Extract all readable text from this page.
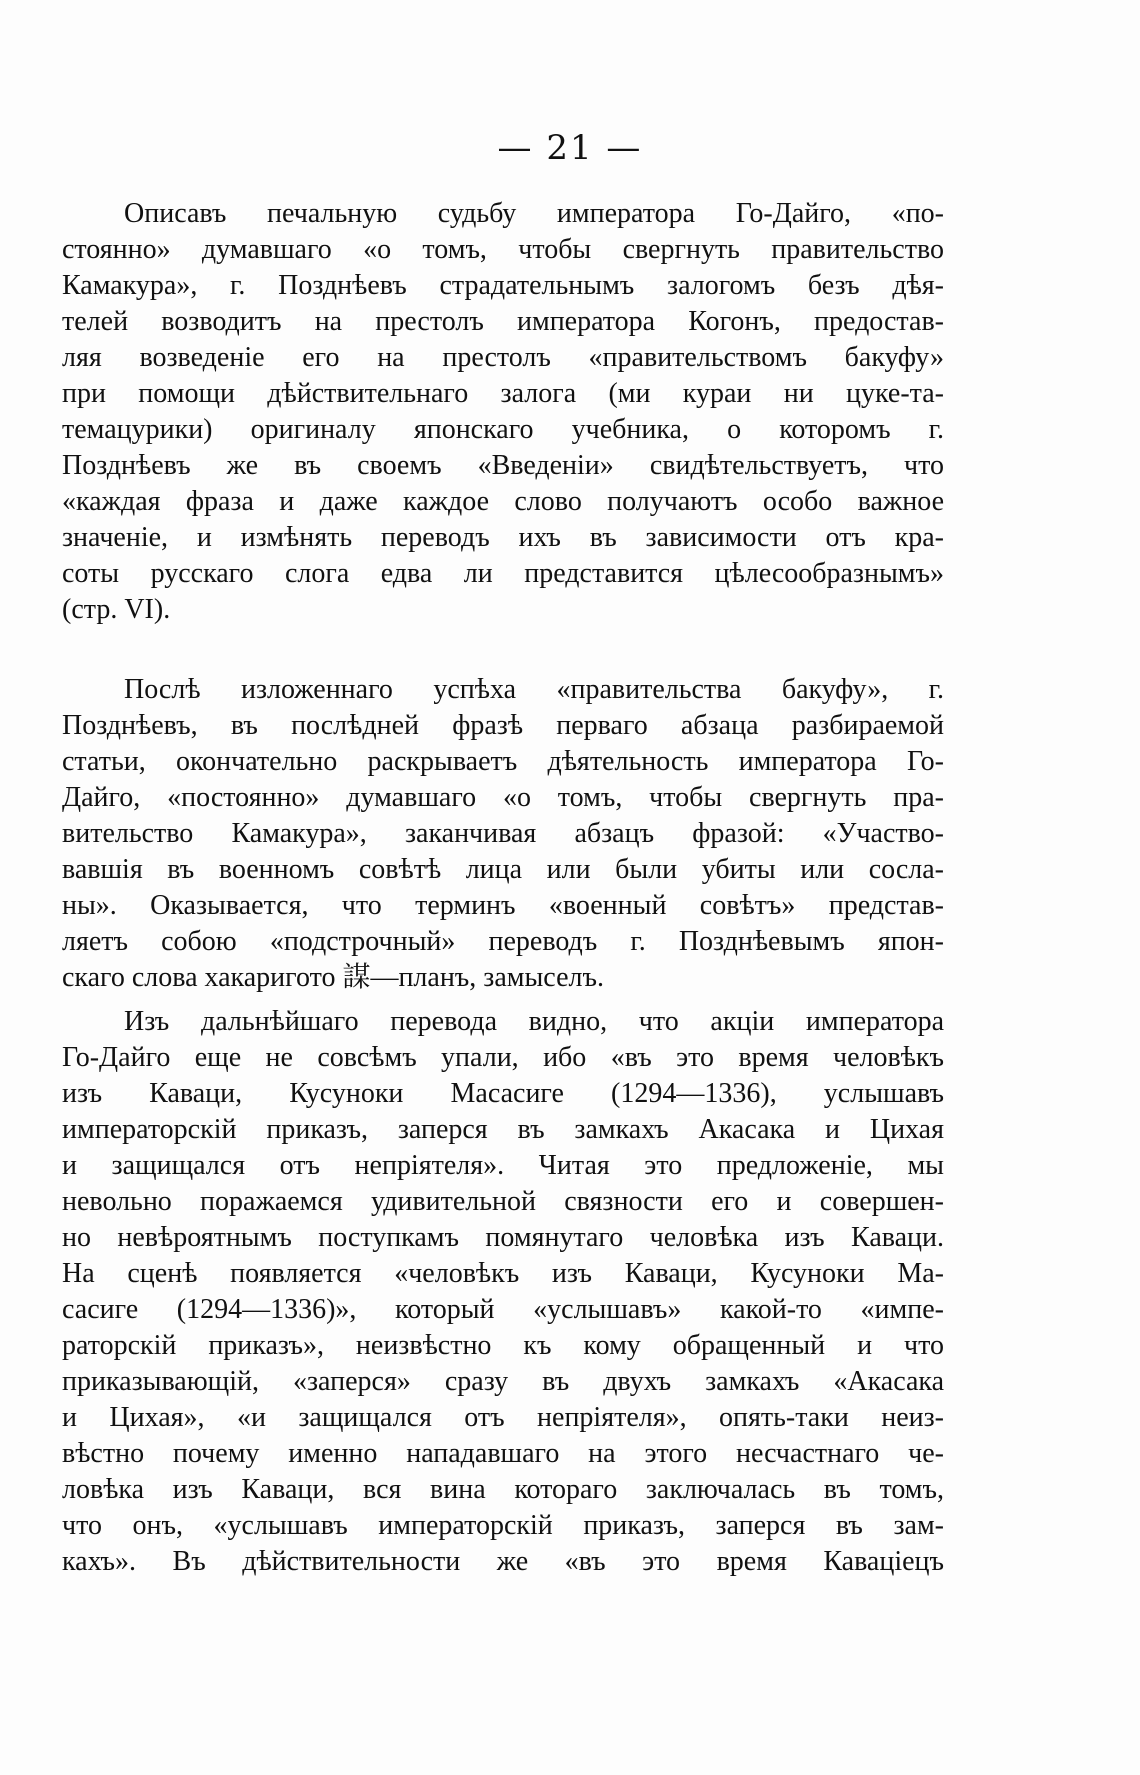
— 21 —
Описавъ печальную судьбу императора Го-Дайго, «по-
стоянно» думавшаго «о томъ, чтобы свергнуть правительство
Камакура», г. Позднѣевъ страдательнымъ залогомъ безъ дѣя-
телей возводитъ на престолъ императора Когонъ, предостав-
ляя возведеніе его на престолъ «правительствомъ бакуфу»
при помощи дѣйствительнаго залога (ми кураи ни цуке-та-
темацурики) оригиналу японскаго учебника, о которомъ г.
Позднѣевъ же въ своемъ «Введеніи» свидѣтельствуетъ, что
«каждая фраза и даже каждое слово получаютъ особо важное
значеніе, и измѣнять переводъ ихъ въ зависимости отъ кра-
соты русскаго слога едва ли представится цѣлесообразнымъ»
(стр. VI).
Послѣ изложеннаго успѣха «правительства бакуфу», г.
Позднѣевъ, въ послѣдней фразѣ перваго абзаца разбираемой
статьи, окончательно раскрываетъ дѣятельность императора Го-
Дайго, «постоянно» думавшаго «о томъ, чтобы свергнуть пра-
вительство Камакура», заканчивая абзацъ фразой: «Участво-
вавшія въ военномъ совѣтѣ лица или были убиты или сосла-
ны». Оказывается, что терминъ «военный совѣтъ» представ-
ляетъ собою «подстрочный» переводъ г. Позднѣевымъ япон-
скаго слова хакаригото 謀—планъ, замыселъ.
Изъ дальнѣйшаго перевода видно, что акціи императора
Го-Дайго еще не совсѣмъ упали, ибо «въ это время человѣкъ
изъ Каваци, Кусуноки Масасиге (1294—1336), услышавъ
императорскій приказъ, заперся въ замкахъ Акасака и Цихая
и защищался отъ непріятеля». Читая это предложеніе, мы
невольно поражаемся удивительной связности его и совершен-
но невѣроятнымъ поступкамъ помянутаго человѣка изъ Каваци.
На сценѣ появляется «человѣкъ изъ Каваци, Кусуноки Ма-
сасиге (1294—1336)», который «услышавъ» какой-то «импе-
раторскій приказъ», неизвѣстно къ кому обращенный и что
приказывающій, «заперся» сразу въ двухъ замкахъ «Акасака
и Цихая», «и защищался отъ непріятеля», опять-таки неиз-
вѣстно почему именно нападавшаго на этого несчастнаго че-
ловѣка изъ Каваци, вся вина котораго заключалась въ томъ,
что онъ, «услышавъ императорскій приказъ, заперся въ зам-
кахъ». Въ дѣйствительности же «въ это время Кавацiецъ
